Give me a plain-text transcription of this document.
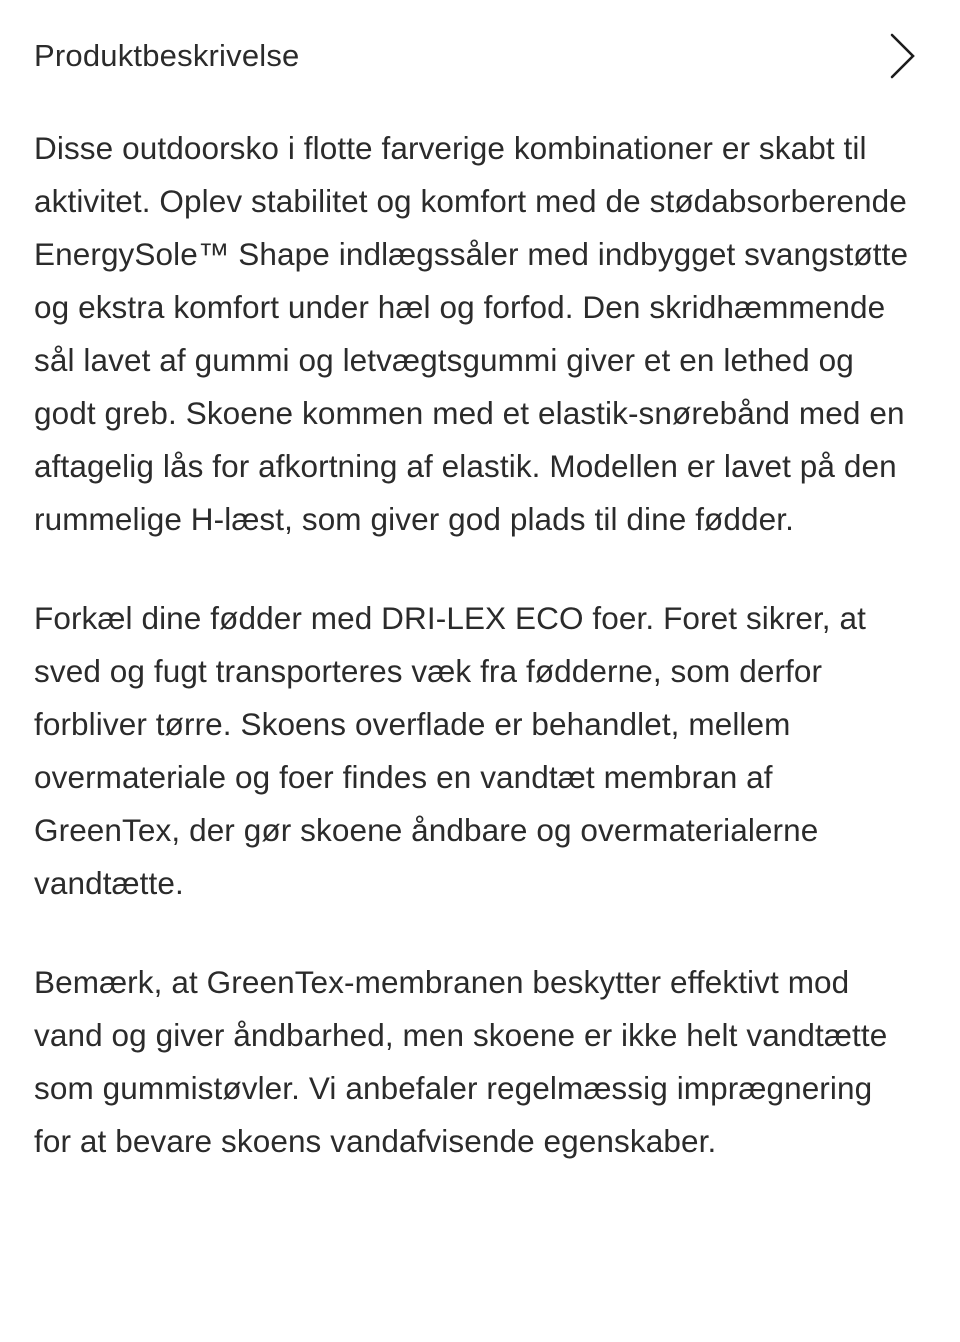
Produktbeskrivelse

Disse outdoorsko i flotte farverige kombinationer er skabt til aktivitet. Oplev stabilitet og komfort med de stødabsorberende EnergySole™ Shape indlægssåler med indbygget svangstøtte og ekstra komfort under hæl og forfod. Den skridhæmmende sål lavet af gummi og letvægtsgummi giver et en lethed og godt greb. Skoene kommen med et elastik-snørebånd med en aftagelig lås for afkortning af elastik. Modellen er lavet på den rummelige H-læst, som giver god plads til dine fødder.

Forkæl dine fødder med DRI-LEX ECO foer. Foret sikrer, at sved og fugt transporteres væk fra fødderne, som derfor forbliver tørre. Skoens overflade er behandlet, mellem overmateriale og foer findes en vandtæt membran af GreenTex, der gør skoene åndbare og overmaterialerne vandtætte.

Bemærk, at GreenTex-membranen beskytter effektivt mod vand og giver åndbarhed, men skoene er ikke helt vandtætte som gummistøvler. Vi anbefaler regelmæssig imprægnering for at bevare skoens vandafvisende egenskaber.
